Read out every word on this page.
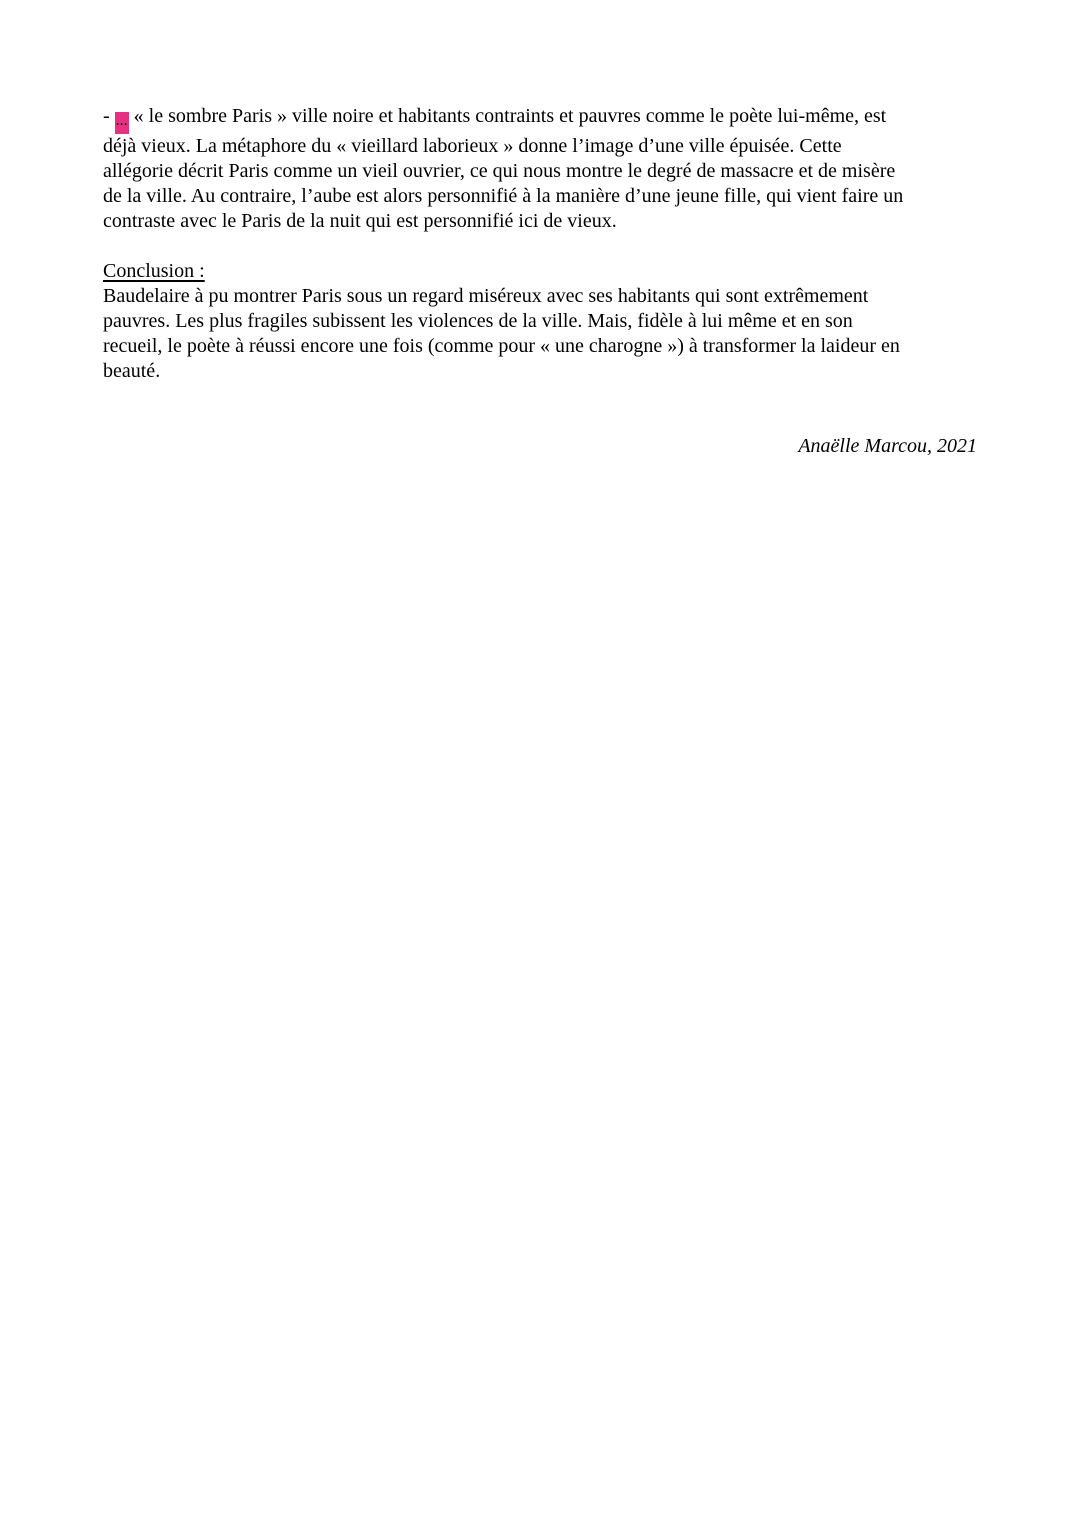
- ... « le sombre Paris » ville noire et habitants contraints et pauvres comme le poète lui-même, est
déjà vieux. La métaphore du « vieillard laborieux » donne l’image d’une ville épuisée. Cette
allégorie décrit Paris comme un vieil ouvrier, ce qui nous montre le degré de massacre et de misère
de la ville. Au contraire, l’aube est alors personnifié à la manière d’une jeune fille, qui vient faire un
contraste avec le Paris de la nuit qui est personnifié ici de vieux.

Conclusion :

Baudelaire à pu montrer Paris sous un regard miséreux avec ses habitants qui sont extrêmement
pauvres. Les plus fragiles subissent les violences de la ville. Mais, fidèle à lui même et en son
recueil, le poète à réussi encore une fois (comme pour « une charogne ») à transformer la laideur en
beauté.

Anaëlle Marcou, 2021
